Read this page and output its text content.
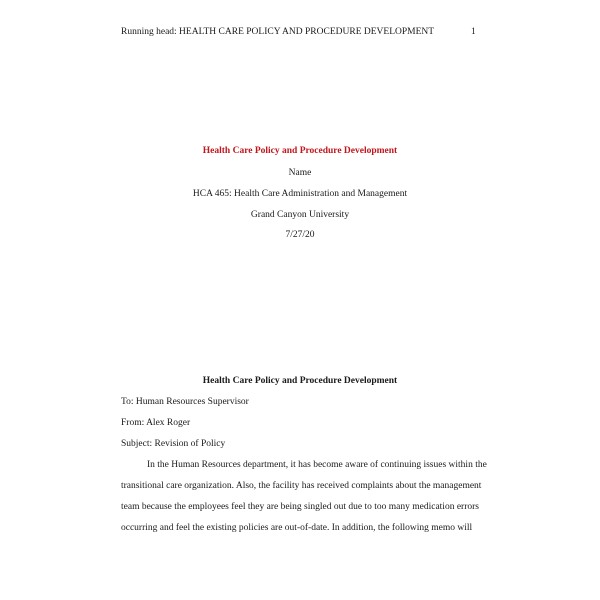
Running head: HEALTH CARE POLICY AND PROCEDURE DEVELOPMENT	1
Health Care Policy and Procedure Development
Name
HCA 465: Health Care Administration and Management
Grand Canyon University
7/27/20
Health Care Policy and Procedure Development
To: Human Resources Supervisor
From: Alex Roger
Subject: Revision of Policy
In the Human Resources department, it has become aware of continuing issues within the
transitional care organization. Also, the facility has received complaints about the management
team because the employees feel they are being singled out due to too many medication errors
occurring and feel the existing policies are out-of-date. In addition, the following memo will
